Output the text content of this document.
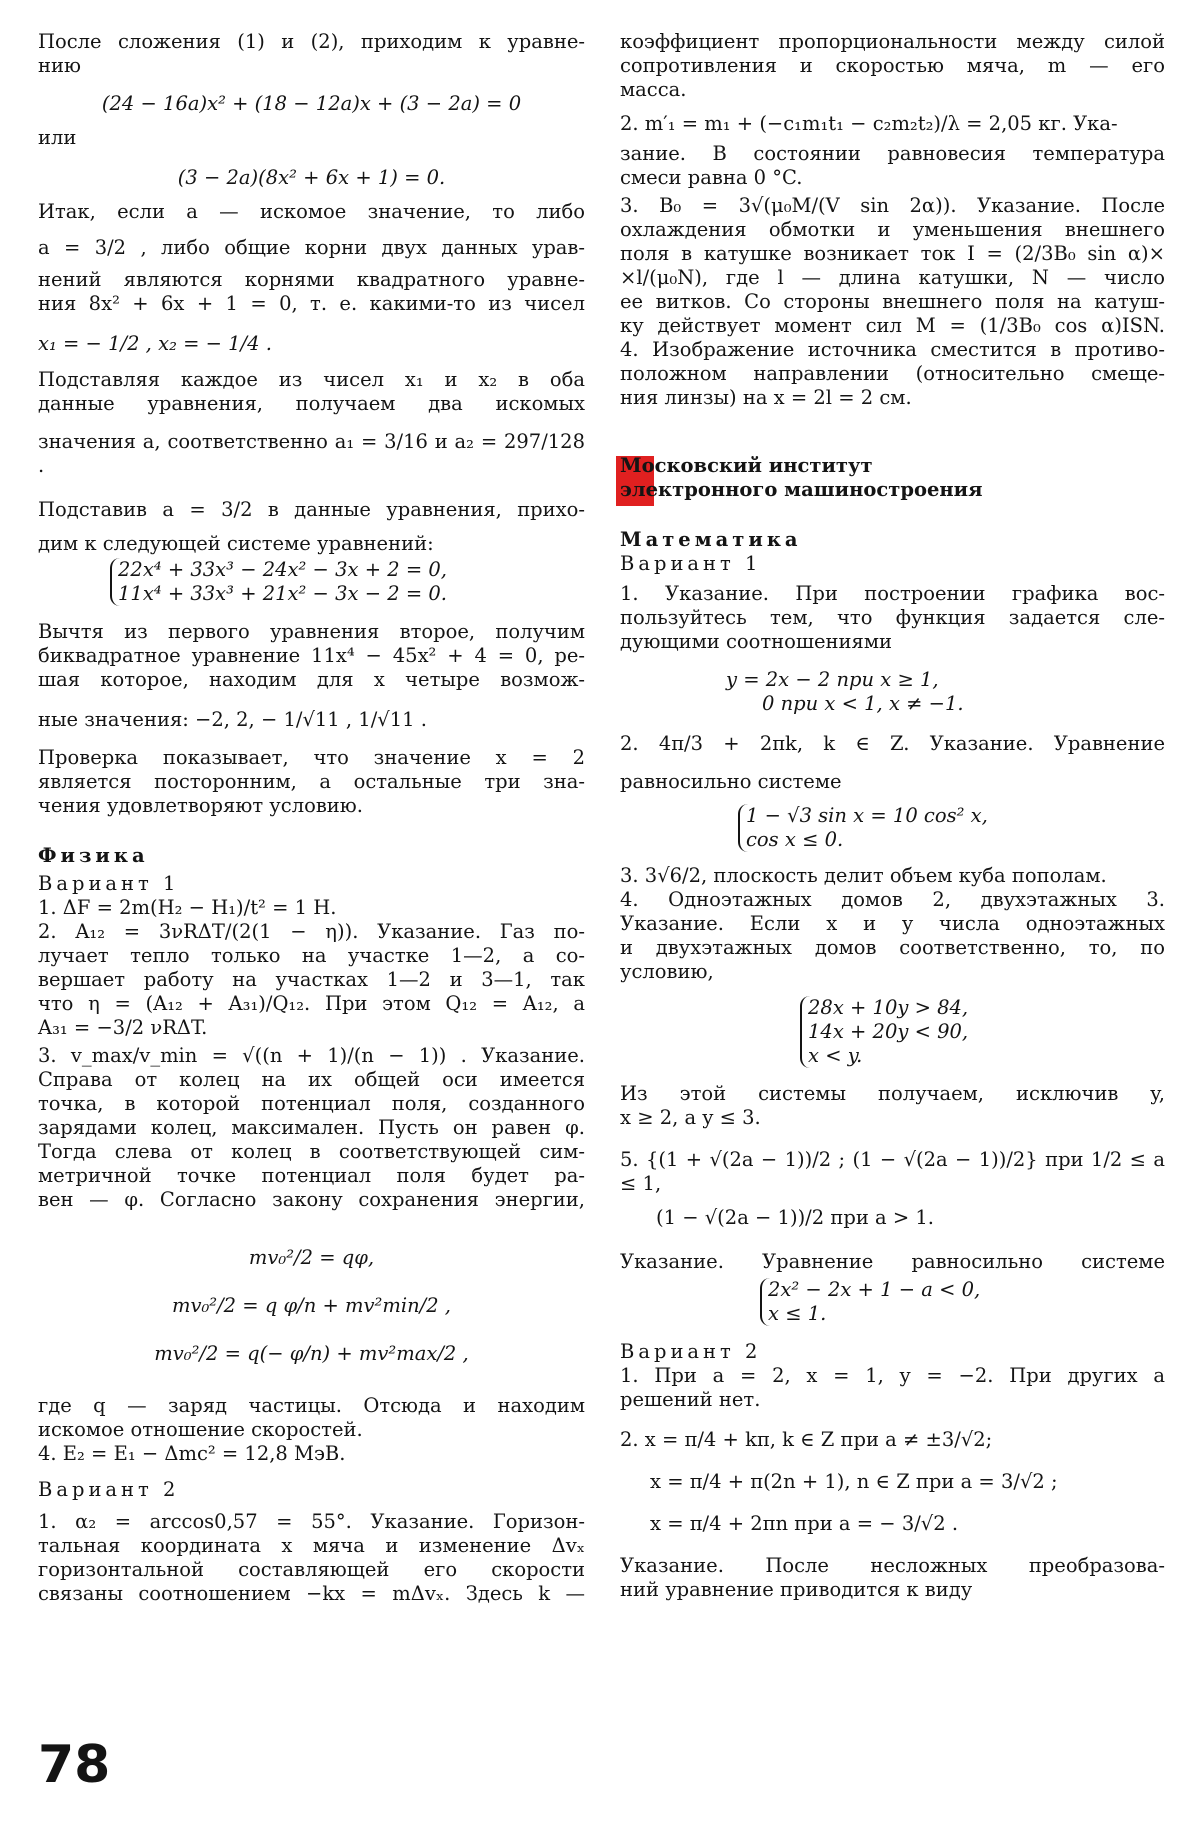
После сложения (1) и (2), приходим к уравне-

нию

(24 − 16a)x² + (18 − 12a)x + (3 − 2a) = 0

или

(3 − 2a)(8x² + 6x + 1) = 0.

Итак, если a — искомое значение, то либо

a = 3/2 , либо общие корни двух данных урав-

нений являются корнями квадратного уравне-

ния 8x² + 6x + 1 = 0, т. е. какими-то из чисел

x₁ = − 1/2 , x₂ = − 1/4 .

Подставляя каждое из чисел x₁ и x₂ в оба

данные уравнения, получаем два искомых

значения a, соответственно a₁ = 3/16 и a₂ = 297/128 .

Подставив a = 3/2 в данные уравнения, прихо-

дим к следующей системе уравнений:

22x⁴ + 33x³ − 24x² − 3x + 2 = 0,
11x⁴ + 33x³ + 21x² − 3x − 2 = 0.

Вычтя из первого уравнения второе, получим

биквадратное уравнение 11x⁴ − 45x² + 4 = 0, ре-

шая которое, находим для x четыре возмож-

ные значения: −2, 2, − 1/√11 , 1/√11 .

Проверка показывает, что значение x = 2

является посторонним, а остальные три зна-

чения удовлетворяют условию.

Физика

Вариант 1

1. ΔF = 2m(H₂ − H₁)/t² = 1 Н.

2. A₁₂ = 3νRΔT/(2(1 − η)). Указание. Газ по-

лучает тепло только на участке 1—2, а со-

вершает работу на участках 1—2 и 3—1, так

что η = (A₁₂ + A₃₁)/Q₁₂. При этом Q₁₂ = A₁₂, а

A₃₁ = −3/2 νRΔT.

3. v_max/v_min = √((n + 1)/(n − 1)) . Указание.

Справа от колец на их общей оси имеется

точка, в которой потенциал поля, созданного

зарядами колец, максимален. Пусть он равен φ.

Тогда слева от колец в соответствующей сим-

метричной точке потенциал поля будет ра-

вен — φ. Согласно закону сохранения энергии,

mv₀²/2 = qφ,

mv₀²/2 = q φ/n + mv²min/2 ,

mv₀²/2 = q(− φ/n) + mv²max/2 ,

где q — заряд частицы. Отсюда и находим

искомое отношение скоростей.

4. E₂ = E₁ − Δmc² = 12,8 МэВ.

Вариант 2

1. α₂ = arccos0,57 = 55°. Указание. Горизон-

тальная координата x мяча и изменение Δvₓ

горизонтальной составляющей его скорости

связаны соотношением −kx = mΔvₓ. Здесь k —

78

коэффициент пропорциональности между силой

сопротивления и скоростью мяча, m — его

масса.

2. m′₁ = m₁ + (−c₁m₁t₁ − c₂m₂t₂)/λ = 2,05 кг. Ука-

зание. В состоянии равновесия температура

смеси равна 0 °C.

3. B₀ = 3√(μ₀M/(V sin 2α)). Указание. После

охлаждения обмотки и уменьшения внешнего

поля в катушке возникает ток I = (2/3B₀ sin α)×

×l/(μ₀N), где l — длина катушки, N — число

ее витков. Со стороны внешнего поля на катуш-

ку действует момент сил M = (1/3B₀ cos α)ISN.

4. Изображение источника сместится в противо-

положном направлении (относительно смеще-

ния линзы) на x = 2l = 2 см.

Московский институт
электронного машиностроения

Математика

Вариант 1

1. Указание. При построении графика вос-

пользуйтесь тем, что функция задается сле-

дующими соотношениями

y = 2x − 2 при x ≥ 1,
0 при x < 1, x ≠ −1.

2. 4π/3 + 2πk, k ∈ Z. Указание. Уравнение

равносильно системе

1 − √3 sin x = 10 cos² x,
cos x ≤ 0.

3. 3√6/2, плоскость делит объем куба пополам.

4. Одноэтажных домов 2, двухэтажных 3.

Указание. Если x и y числа одноэтажных

и двухэтажных домов соответственно, то, по

условию,

28x + 10y > 84,
14x + 20y < 90,
x < y.

Из этой системы получаем, исключив y,

x ≥ 2, a y ≤ 3.

5. {(1 + √(2a − 1))/2 ; (1 − √(2a − 1))/2} при 1/2 ≤ a ≤ 1,

(1 − √(2a − 1))/2 при a > 1.

Указание. Уравнение равносильно системе

2x² − 2x + 1 − a < 0,
x ≤ 1.

Вариант 2

1. При a = 2, x = 1, y = −2. При других a

решений нет.

2. x = π/4 + kπ, k ∈ Z при a ≠ ±3/√2;

x = π/4 + π(2n + 1), n ∈ Z при a = 3/√2 ;

x = π/4 + 2πn при a = − 3/√2 .

Указание. После несложных преобразова-

ний уравнение приводится к виду
